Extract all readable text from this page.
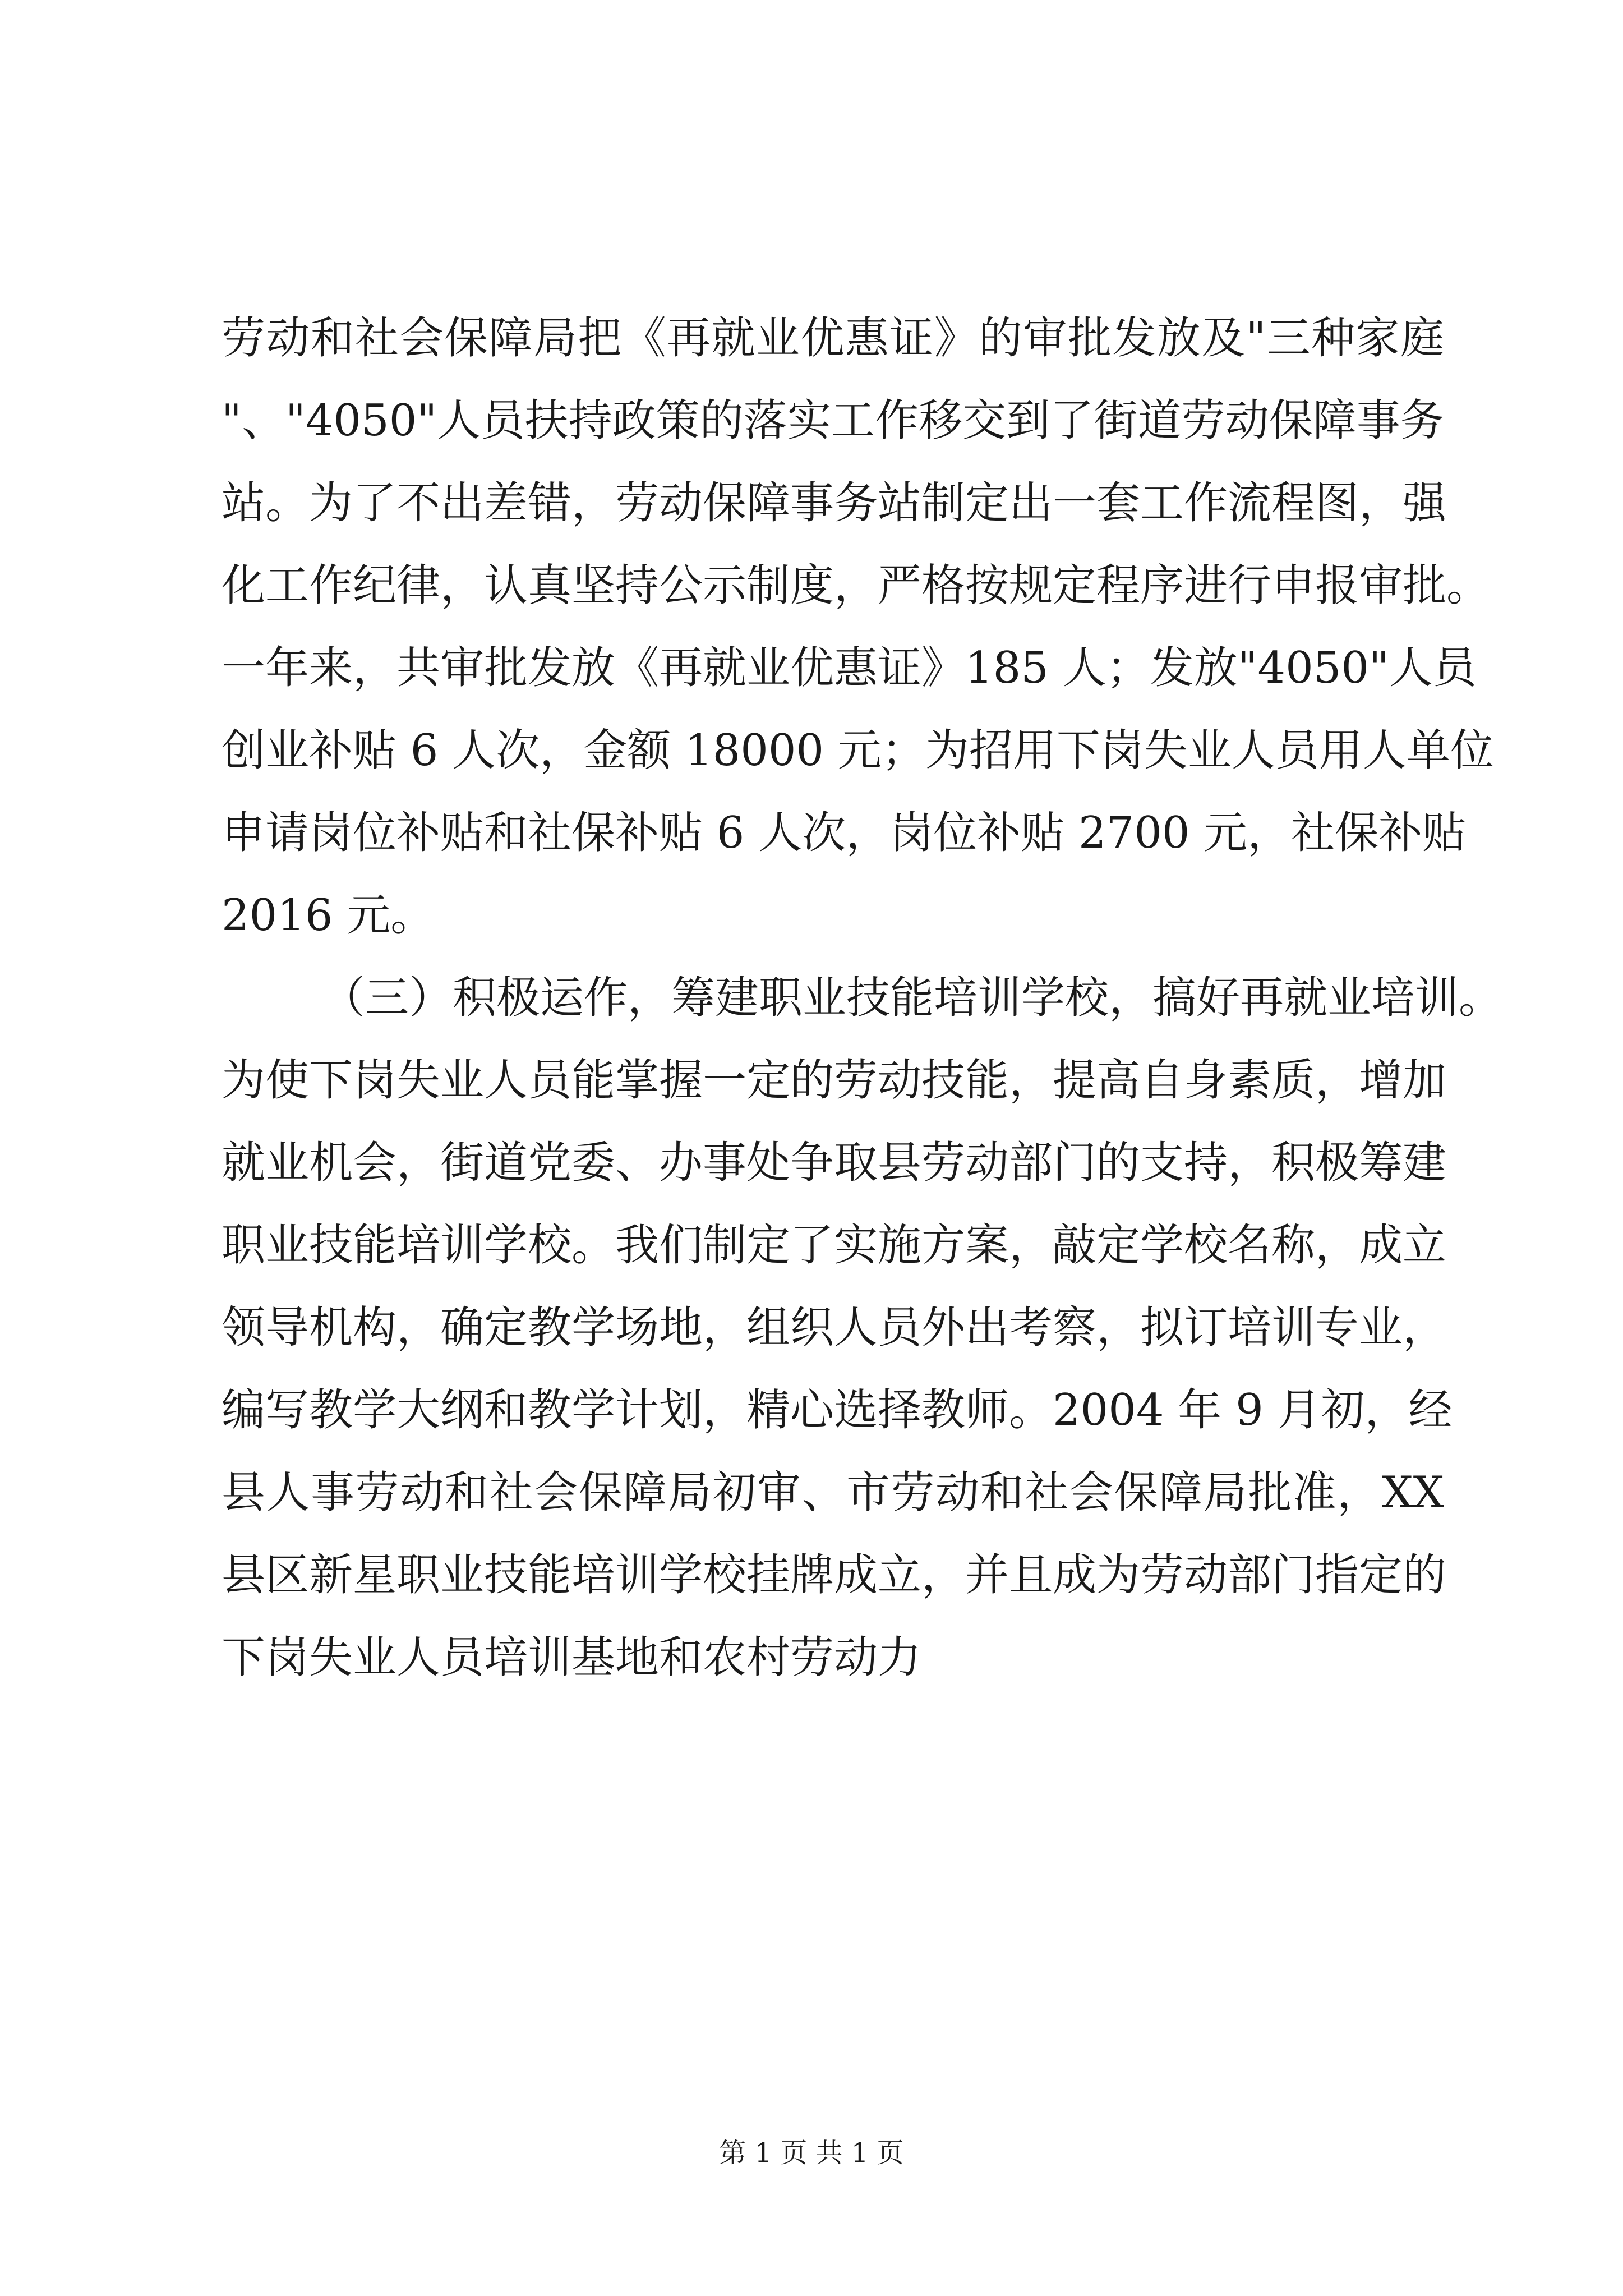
劳动和社会保障局把《再就业优惠证》的审批发放及"三种家庭
"、"4050"人员扶持政策的落实工作移交到了街道劳动保障事务
站。为了不出差错，劳动保障事务站制定出一套工作流程图，强
化工作纪律，认真坚持公示制度，严格按规定程序进行申报审批。
一年来，共审批发放《再就业优惠证》185 人；发放"4050"人员
创业补贴 6 人次，金额 18000 元；为招用下岗失业人员用人单位
申请岗位补贴和社保补贴 6 人次，岗位补贴 2700 元，社保补贴
2016 元。
（三）积极运作，筹建职业技能培训学校，搞好再就业培训。
为使下岗失业人员能掌握一定的劳动技能，提高自身素质，增加
就业机会，街道党委、办事处争取县劳动部门的支持，积极筹建
职业技能培训学校。我们制定了实施方案，敲定学校名称，成立
领导机构，确定教学场地，组织人员外出考察，拟订培训专业，
编写教学大纲和教学计划，精心选择教师。2004 年 9 月初，经
县人事劳动和社会保障局初审、市劳动和社会保障局批准，XX
县区新星职业技能培训学校挂牌成立，并且成为劳动部门指定的
下岗失业人员培训基地和农村劳动力
第 1 页 共 1 页
